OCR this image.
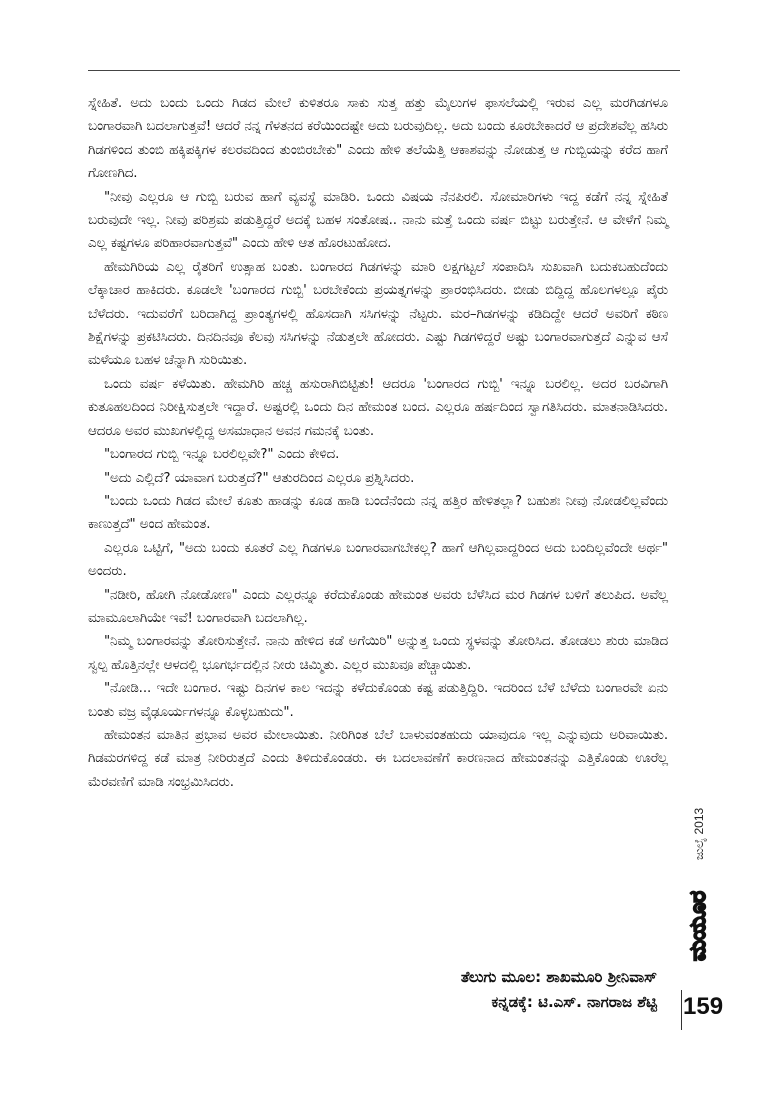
ಸ್ನೇಹಿತೆ. ಅದು ಬಂದು ಒಂದು ಗಿಡದ ಮೇಲೆ ಕುಳಿತರೂ ಸಾಕು ಸುತ್ತ ಹತ್ತು ಮೈಲುಗಳ ಫಾಸಲೆಯಲ್ಲಿ ಇರುವ ಎಲ್ಲ ಮರಗಿಡಗಳೂ ಬಂಗಾರವಾಗಿ ಬದಲಾಗುತ್ತವೆ! ಆದರೆ ನನ್ನ ಗೆಳತನದ ಕರೆಯಿಂದಷ್ಟೇ ಅದು ಬರುವುದಿಲ್ಲ. ಅದು ಬಂದು ಕೂರಬೇಕಾದರೆ ಆ ಪ್ರದೇಶವೆಲ್ಲ ಹಸಿರು ಗಿಡಗಳಿಂದ ತುಂಬಿ ಹಕ್ಕಿಪಕ್ಕಿಗಳ ಕಲರವದಿಂದ ತುಂಬಿರಬೇಕು" ಎಂದು ಹೇಳಿ ತಲೆಯೆತ್ತಿ ಆಕಾಶವನ್ನು ನೋಡುತ್ತ ಆ ಗುಬ್ಬಿಯನ್ನು ಕರೆದ ಹಾಗೆ ಗೋಣಗಿದ.

"ನೀವು ಎಲ್ಲರೂ ಆ ಗುಬ್ಬಿ ಬರುವ ಹಾಗೆ ವ್ಯವಸ್ಥೆ ಮಾಡಿರಿ. ಒಂದು ವಿಷಯ ನೆನಪಿರಲಿ. ಸೋಮಾರಿಗಳು ಇದ್ದ ಕಡೆಗೆ ನನ್ನ ಸ್ನೇಹಿತೆ ಬರುವುದೇ ಇಲ್ಲ. ನೀವು ಪರಿಶ್ರಮ ಪಡುತ್ತಿದ್ದರೆ ಅದಕ್ಕೆ ಬಹಳ ಸಂತೋಷ.. ನಾನು ಮತ್ತೆ ಒಂದು ವರ್ಷ ಬಿಟ್ಟು ಬರುತ್ತೇನೆ. ಆ ವೇಳೆಗೆ ನಿಮ್ಮ ಎಲ್ಲ ಕಷ್ಟಗಳೂ ಪರಿಹಾರವಾಗುತ್ತವೆ" ಎಂದು ಹೇಳಿ ಆತ ಹೊರಟುಹೋದ.

ಹೇಮಗಿರಿಯ ಎಲ್ಲ ರೈತರಿಗೆ ಉತ್ಸಾಹ ಬಂತು. ಬಂಗಾರದ ಗಿಡಗಳನ್ನು ಮಾರಿ ಲಕ್ಷಗಟ್ಟಲೆ ಸಂಪಾದಿಸಿ ಸುಖವಾಗಿ ಬದುಕಬಹುದೆಂದು ಲೆಕ್ಕಾಚಾರ ಹಾಕಿದರು. ಕೂಡಲೇ 'ಬಂಗಾರದ ಗುಬ್ಬಿ' ಬರಬೇಕೆಂದು ಪ್ರಯತ್ನಗಳನ್ನು ಪ್ರಾರಂಭಿಸಿದರು. ಬೀಡು ಬಿದ್ದಿದ್ದ ಹೊಲಗಳಲ್ಲೂ ಪೈರು ಬೆಳೆದರು. ಇದುವರೆಗೆ ಬರಿದಾಗಿದ್ದ ಪ್ರಾಂತ್ಯಗಳಲ್ಲಿ ಹೊಸದಾಗಿ ಸಸಿಗಳನ್ನು ನೆಟ್ಟರು. ಮರ–ಗಿಡಗಳನ್ನು ಕಡಿದಿದ್ದೇ ಆದರೆ ಅವರಿಗೆ ಕಠಿಣ ಶಿಕ್ಷೆಗಳನ್ನು ಪ್ರಕಟಿಸಿದರು. ದಿನದಿನವೂ ಕೆಲವು ಸಸಿಗಳನ್ನು ನೆಡುತ್ತಲೇ ಹೋದರು. ಎಷ್ಟು ಗಿಡಗಳಿದ್ದರೆ ಅಷ್ಟು ಬಂಗಾರವಾಗುತ್ತದೆ ಎನ್ನುವ ಆಸೆ ಮಳೆಯೂ ಬಹಳ ಚೆನ್ನಾಗಿ ಸುರಿಯಿತು.

ಒಂದು ವರ್ಷ ಕಳೆಯಿತು. ಹೇಮಗಿರಿ ಹಚ್ಚ ಹಸುರಾಗಿಬಿಟ್ಟಿತು! ಆದರೂ 'ಬಂಗಾರದ ಗುಬ್ಬಿ' ಇನ್ನೂ ಬರಲಿಲ್ಲ. ಅದರ ಬರವಿಗಾಗಿ ಕುತೂಹಲದಿಂದ ನಿರೀಕ್ಷಿಸುತ್ತಲೇ ಇದ್ದಾರೆ. ಅಷ್ಟರಲ್ಲಿ ಒಂದು ದಿನ ಹೇಮಂತ ಬಂದ. ಎಲ್ಲರೂ ಹರ್ಷದಿಂದ ಸ್ವಾಗತಿಸಿದರು. ಮಾತನಾಡಿಸಿದರು. ಆದರೂ ಅವರ ಮುಖಗಳಲ್ಲಿದ್ದ ಅಸಮಾಧಾನ ಅವನ ಗಮನಕ್ಕೆ ಬಂತು.

"ಬಂಗಾರದ ಗುಬ್ಬಿ ಇನ್ನೂ ಬರಲಿಲ್ಲವೇ?" ಎಂದು ಕೇಳಿದ.

"ಅದು ಎಲ್ಲಿದೆ? ಯಾವಾಗ ಬರುತ್ತದೆ?" ಆತುರದಿಂದ ಎಲ್ಲರೂ ಪ್ರಶ್ನಿಸಿದರು.

"ಬಂದು ಒಂದು ಗಿಡದ ಮೇಲೆ ಕೂತು ಹಾಡನ್ನು ಕೂಡ ಹಾಡಿ ಬಂದೆನೆಂದು ನನ್ನ ಹತ್ತಿರ ಹೇಳಿತಲ್ಲಾ? ಬಹುಶಃ ನೀವು ನೋಡಲಿಲ್ಲವೆಂದು ಕಾಣುತ್ತದೆ" ಅಂದ ಹೇಮಂತ.

ಎಲ್ಲರೂ ಒಟ್ಟಿಗೆ, "ಅದು ಬಂದು ಕೂತರೆ ಎಲ್ಲ ಗಿಡಗಳೂ ಬಂಗಾರವಾಗಬೇಕಲ್ಲ? ಹಾಗೆ ಆಗಿಲ್ಲವಾದ್ದರಿಂದ ಅದು ಬಂದಿಲ್ಲವೆಂದೇ ಅರ್ಥ" ಅಂದರು.

"ನಡೀರಿ, ಹೋಗಿ ನೋಡೋಣ" ಎಂದು ಎಲ್ಲರನ್ನೂ ಕರೆದುಕೊಂಡು ಹೇಮಂತ ಅವರು ಬೆಳೆಸಿದ ಮರ ಗಿಡಗಳ ಬಳಿಗೆ ತಲುಪಿದ. ಅವೆಲ್ಲ ಮಾಮೂಲಾಗಿಯೇ ಇವೆ! ಬಂಗಾರವಾಗಿ ಬದಲಾಗಿಲ್ಲ.

"ನಿಮ್ಮ ಬಂಗಾರವನ್ನು ತೋರಿಸುತ್ತೇನೆ. ನಾನು ಹೇಳಿದ ಕಡೆ ಅಗೆಯಿರಿ" ಅನ್ನುತ್ತ ಒಂದು ಸ್ಥಳವನ್ನು ತೋರಿಸಿದ. ತೋಡಲು ಶುರು ಮಾಡಿದ ಸ್ವಲ್ಪ ಹೊತ್ತಿನಲ್ಲೇ ಆಳದಲ್ಲಿ ಭೂಗರ್ಭದಲ್ಲಿನ ನೀರು ಚಿಮ್ಮಿತು. ಎಲ್ಲರ ಮುಖವೂ ಪೆಚ್ಚಾಯಿತು.

"ನೋಡಿ... ಇದೇ ಬಂಗಾರ. ಇಷ್ಟು ದಿನಗಳ ಕಾಲ ಇದನ್ನು ಕಳೆದುಕೊಂಡು ಕಷ್ಟ ಪಡುತ್ತಿದ್ದಿರಿ. ಇದರಿಂದ ಬೆಳೆ ಬೆಳೆದು ಬಂಗಾರವೇ ಏನು ಬಂತು ವಜ್ರ ವೈಢೂರ್ಯಗಳನ್ನೂ ಕೊಳ್ಳಬಹುದು".

ಹೇಮಂತನ ಮಾತಿನ ಪ್ರಭಾವ ಅವರ ಮೇಲಾಯಿತು. ನೀರಿಗಿಂತ ಬೆಲೆ ಬಾಳುವಂತಹುದು ಯಾವುದೂ ಇಲ್ಲ ಎನ್ನುವುದು ಅರಿವಾಯಿತು. ಗಿಡಮರಗಳಿದ್ದ ಕಡೆ ಮಾತ್ರ ನೀರಿರುತ್ತದೆ ಎಂದು ತಿಳಿದುಕೊಂಡರು. ಈ ಬದಲಾವಣೆಗೆ ಕಾರಣನಾದ ಹೇಮಂತನನ್ನು ಎತ್ತಿಕೊಂಡು ಊರೆಲ್ಲ ಮೆರವಣಿಗೆ ಮಾಡಿ ಸಂಭ್ರಮಿಸಿದರು.

ತೆಲುಗು ಮೂಲ: ಶಾಖಮೂರಿ ಶ್ರೀನಿವಾಸ್
ಕನ್ನಡಕ್ಕೆ: ಟಿ.ಎಸ್. ನಾಗರಾಜ ಶೆಟ್ಟಿ
ಜುಲೈ 2013
ಮಯೂರ
159
